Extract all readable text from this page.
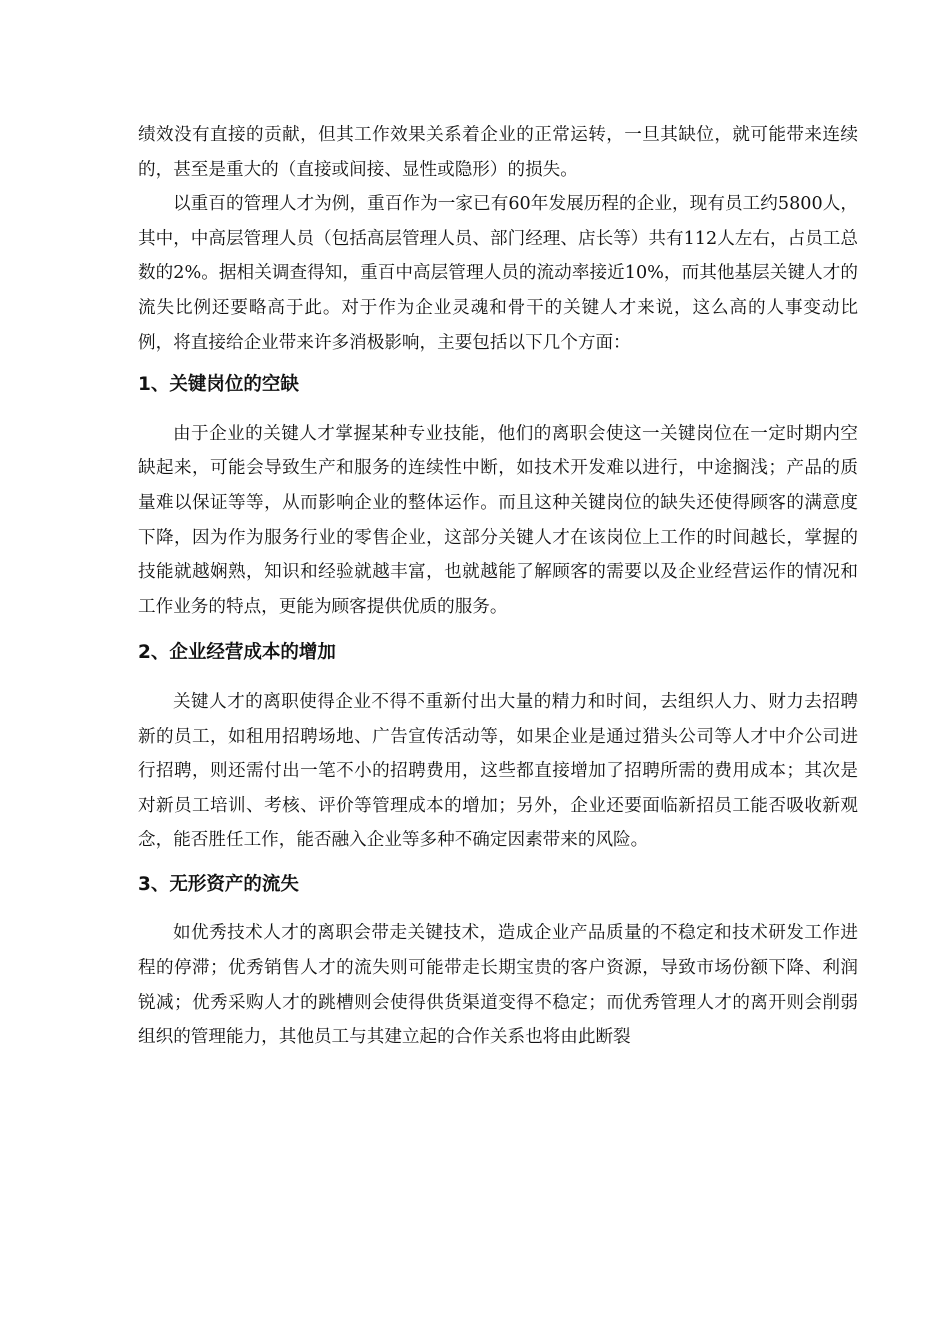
绩效没有直接的贡献，但其工作效果关系着企业的正常运转，一旦其缺位，就可能带来连续的，甚至是重大的（直接或间接、显性或隐形）的损失。

以重百的管理人才为例，重百作为一家已有60年发展历程的企业，现有员工约5800人，其中，中高层管理人员（包括高层管理人员、部门经理、店长等）共有112人左右，占员工总数的2%。据相关调查得知，重百中高层管理人员的流动率接近10%，而其他基层关键人才的流失比例还要略高于此。对于作为企业灵魂和骨干的关键人才来说，这么高的人事变动比例，将直接给企业带来许多消极影响，主要包括以下几个方面：

1、关键岗位的空缺

由于企业的关键人才掌握某种专业技能，他们的离职会使这一关键岗位在一定时期内空缺起来，可能会导致生产和服务的连续性中断，如技术开发难以进行，中途搁浅；产品的质量难以保证等等，从而影响企业的整体运作。而且这种关键岗位的缺失还使得顾客的满意度下降，因为作为服务行业的零售企业，这部分关键人才在该岗位上工作的时间越长，掌握的技能就越娴熟，知识和经验就越丰富，也就越能了解顾客的需要以及企业经营运作的情况和工作业务的特点，更能为顾客提供优质的服务。

2、企业经营成本的增加

关键人才的离职使得企业不得不重新付出大量的精力和时间，去组织人力、财力去招聘新的员工，如租用招聘场地、广告宣传活动等，如果企业是通过猎头公司等人才中介公司进行招聘，则还需付出一笔不小的招聘费用，这些都直接增加了招聘所需的费用成本；其次是对新员工培训、考核、评价等管理成本的增加；另外，企业还要面临新招员工能否吸收新观念，能否胜任工作，能否融入企业等多种不确定因素带来的风险。

3、无形资产的流失

如优秀技术人才的离职会带走关键技术，造成企业产品质量的不稳定和技术研发工作进程的停滞；优秀销售人才的流失则可能带走长期宝贵的客户资源，导致市场份额下降、利润锐减；优秀采购人才的跳槽则会使得供货渠道变得不稳定；而优秀管理人才的离开则会削弱组织的管理能力，其他员工与其建立起的合作关系也将由此断裂
